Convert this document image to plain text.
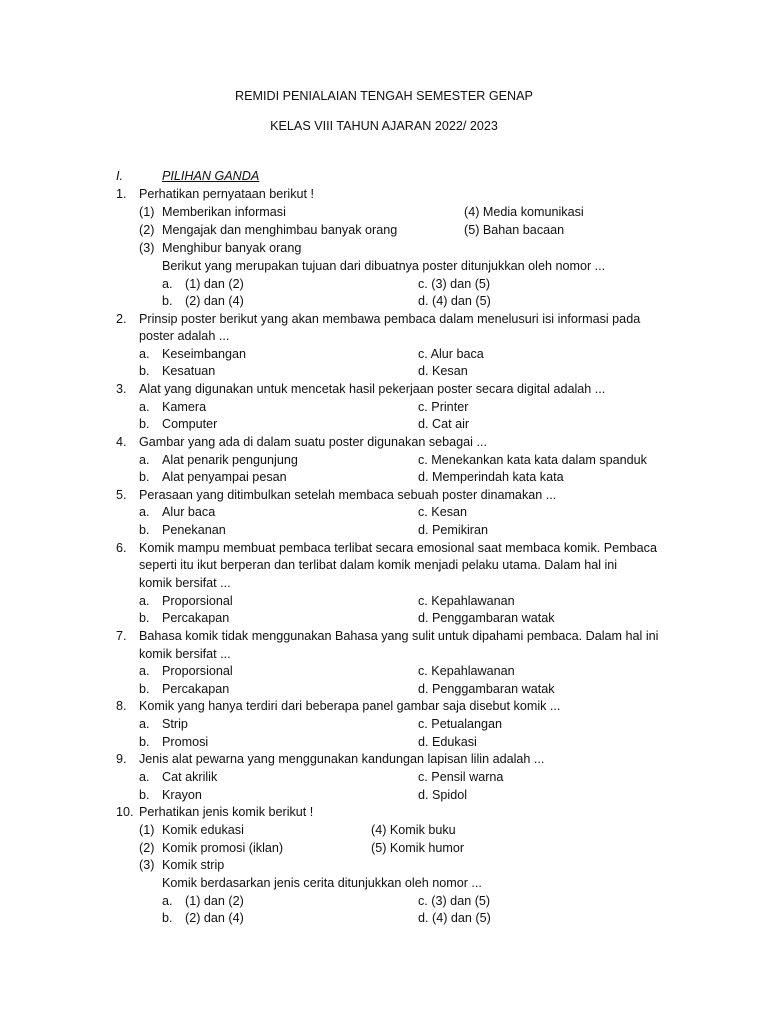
REMIDI PENIALAIAN TENGAH SEMESTER GENAP
KELAS VIII TAHUN AJARAN 2022/ 2023
I.	PILIHAN GANDA
1. Perhatikan pernyataan berikut !
(1) Memberikan informasi	(4) Media komunikasi
(2) Mengajak dan menghimbau banyak orang	(5) Bahan bacaan
(3) Menghibur banyak orang
Berikut yang merupakan tujuan dari dibuatnya poster ditunjukkan oleh nomor ...
a. (1) dan (2)	c. (3) dan (5)
b. (2) dan (4)	d. (4) dan (5)
2. Prinsip poster berikut yang akan membawa pembaca dalam menelusuri isi informasi pada
poster adalah ...
a. Keseimbangan	c. Alur baca
b. Kesatuan	d. Kesan
3. Alat yang digunakan untuk mencetak hasil pekerjaan poster secara digital adalah ...
a. Kamera	c. Printer
b. Computer	d. Cat air
4. Gambar yang ada di dalam suatu poster digunakan sebagai ...
a. Alat penarik pengunjung	c. Menekankan kata kata dalam spanduk
b. Alat penyampai pesan	d. Memperindah kata kata
5. Perasaan yang ditimbulkan setelah membaca sebuah poster dinamakan ...
a. Alur baca	c. Kesan
b. Penekanan	d. Pemikiran
6. Komik mampu membuat pembaca terlibat secara emosional saat membaca komik. Pembaca
seperti itu ikut berperan dan terlibat dalam komik menjadi pelaku utama. Dalam hal ini
komik bersifat ...
a. Proporsional	c. Kepahlawanan
b. Percakapan	d. Penggambaran watak
7. Bahasa komik tidak menggunakan Bahasa yang sulit untuk dipahami pembaca. Dalam hal ini
komik bersifat ...
a. Proporsional	c. Kepahlawanan
b. Percakapan	d. Penggambaran watak
8. Komik yang hanya terdiri dari beberapa panel gambar saja disebut komik ...
a. Strip	c. Petualangan
b. Promosi	d. Edukasi
9. Jenis alat pewarna yang menggunakan kandungan lapisan lilin adalah ...
a. Cat akrilik	c. Pensil warna
b. Krayon	d. Spidol
10. Perhatikan jenis komik berikut !
(1) Komik edukasi	(4) Komik buku
(2) Komik promosi (iklan)	(5) Komik humor
(3) Komik strip
Komik berdasarkan jenis cerita ditunjukkan oleh nomor ...
a. (1) dan (2)	c. (3) dan (5)
b. (2) dan (4)	d. (4) dan (5)
